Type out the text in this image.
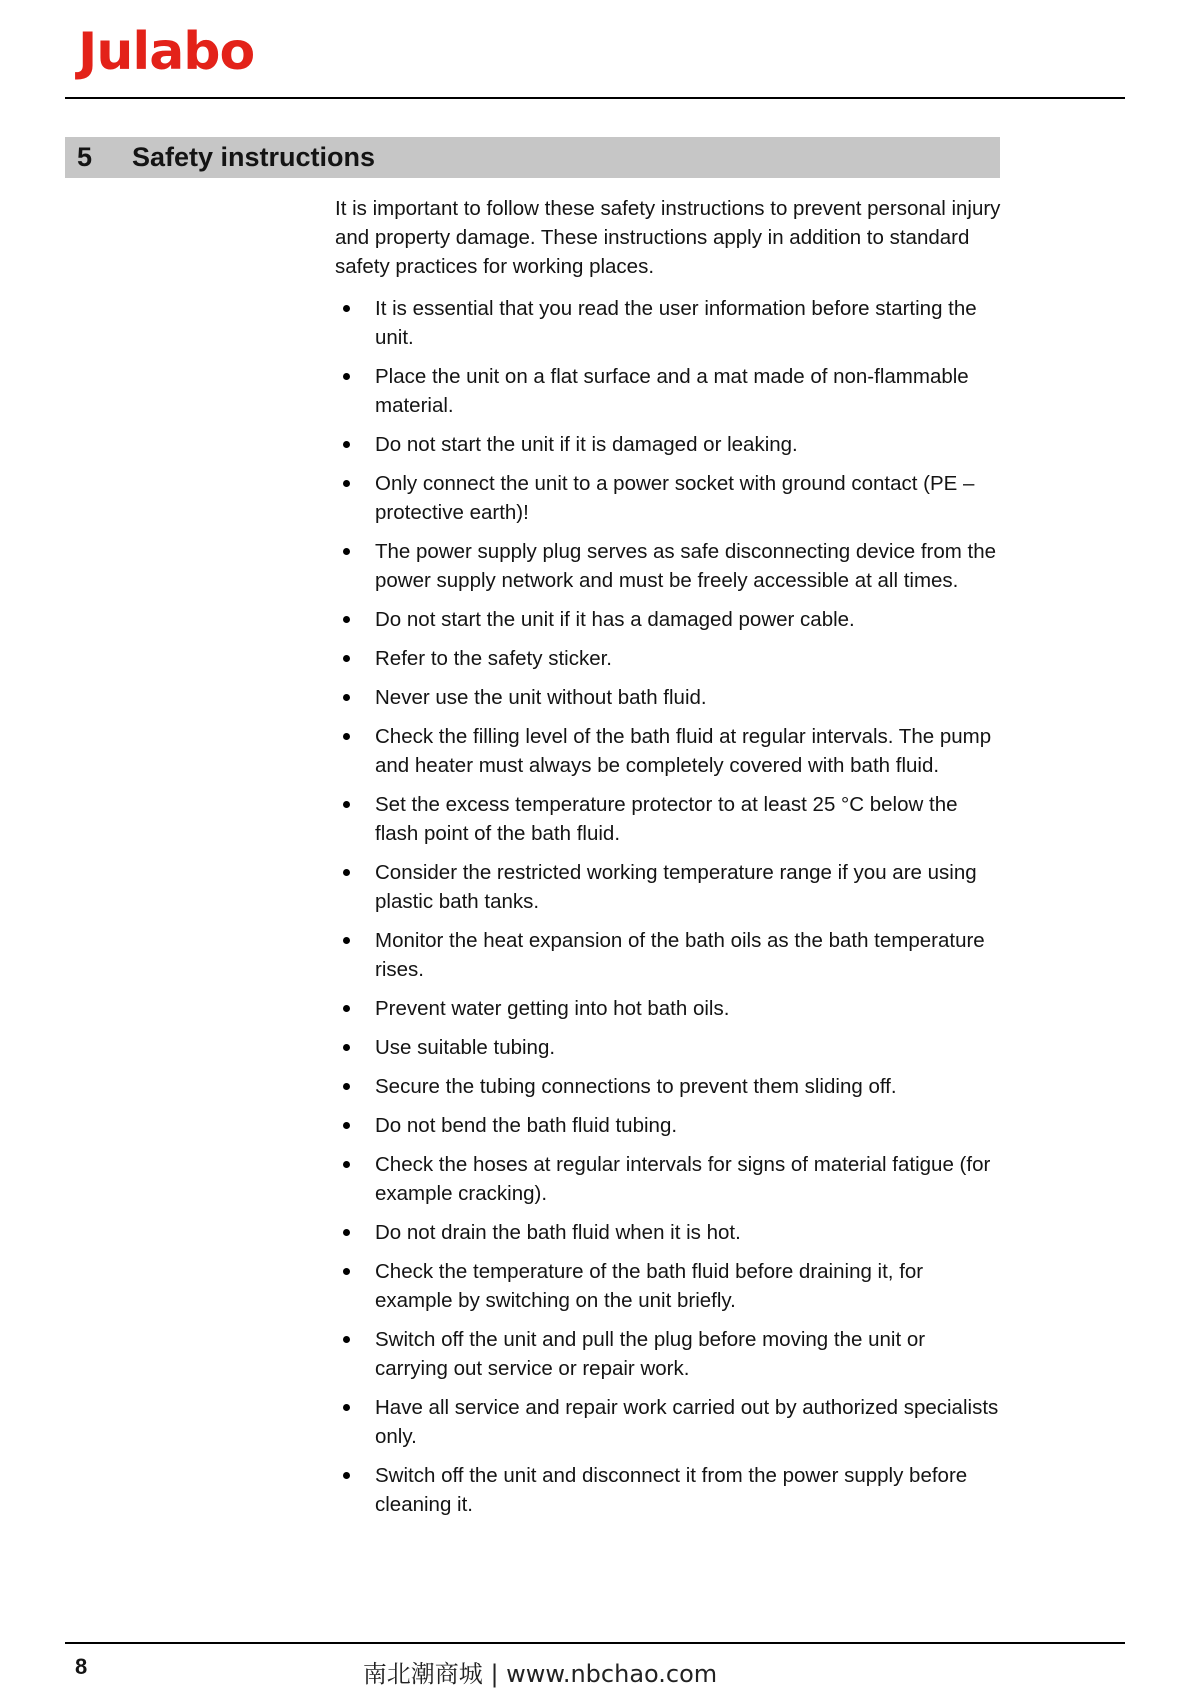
Julabo
5	Safety instructions

It is important to follow these safety instructions to prevent personal injury and property damage. These instructions apply in addition to standard safety practices for working places.

It is essential that you read the user information before starting the unit.
Place the unit on a flat surface and a mat made of non-flammable material.
Do not start the unit if it is damaged or leaking.
Only connect the unit to a power socket with ground contact (PE – protective earth)!
The power supply plug serves as safe disconnecting device from the power supply network and must be freely accessible at all times.
Do not start the unit if it has a damaged power cable.
Refer to the safety sticker.
Never use the unit without bath fluid.
Check the filling level of the bath fluid at regular intervals. The pump and heater must always be completely covered with bath fluid.
Set the excess temperature protector to at least 25 °C below the flash point of the bath fluid.
Consider the restricted working temperature range if you are using plastic bath tanks.
Monitor the heat expansion of the bath oils as the bath temperature rises.
Prevent water getting into hot bath oils.
Use suitable tubing.
Secure the tubing connections to prevent them sliding off.
Do not bend the bath fluid tubing.
Check the hoses at regular intervals for signs of material fatigue (for example cracking).
Do not drain the bath fluid when it is hot.
Check the temperature of the bath fluid before draining it, for example by switching on the unit briefly.
Switch off the unit and pull the plug before moving the unit or carrying out service or repair work.
Have all service and repair work carried out by authorized specialists only.
Switch off the unit and disconnect it from the power supply before cleaning it.
8	南北潮商城 | www.nbchao.com
